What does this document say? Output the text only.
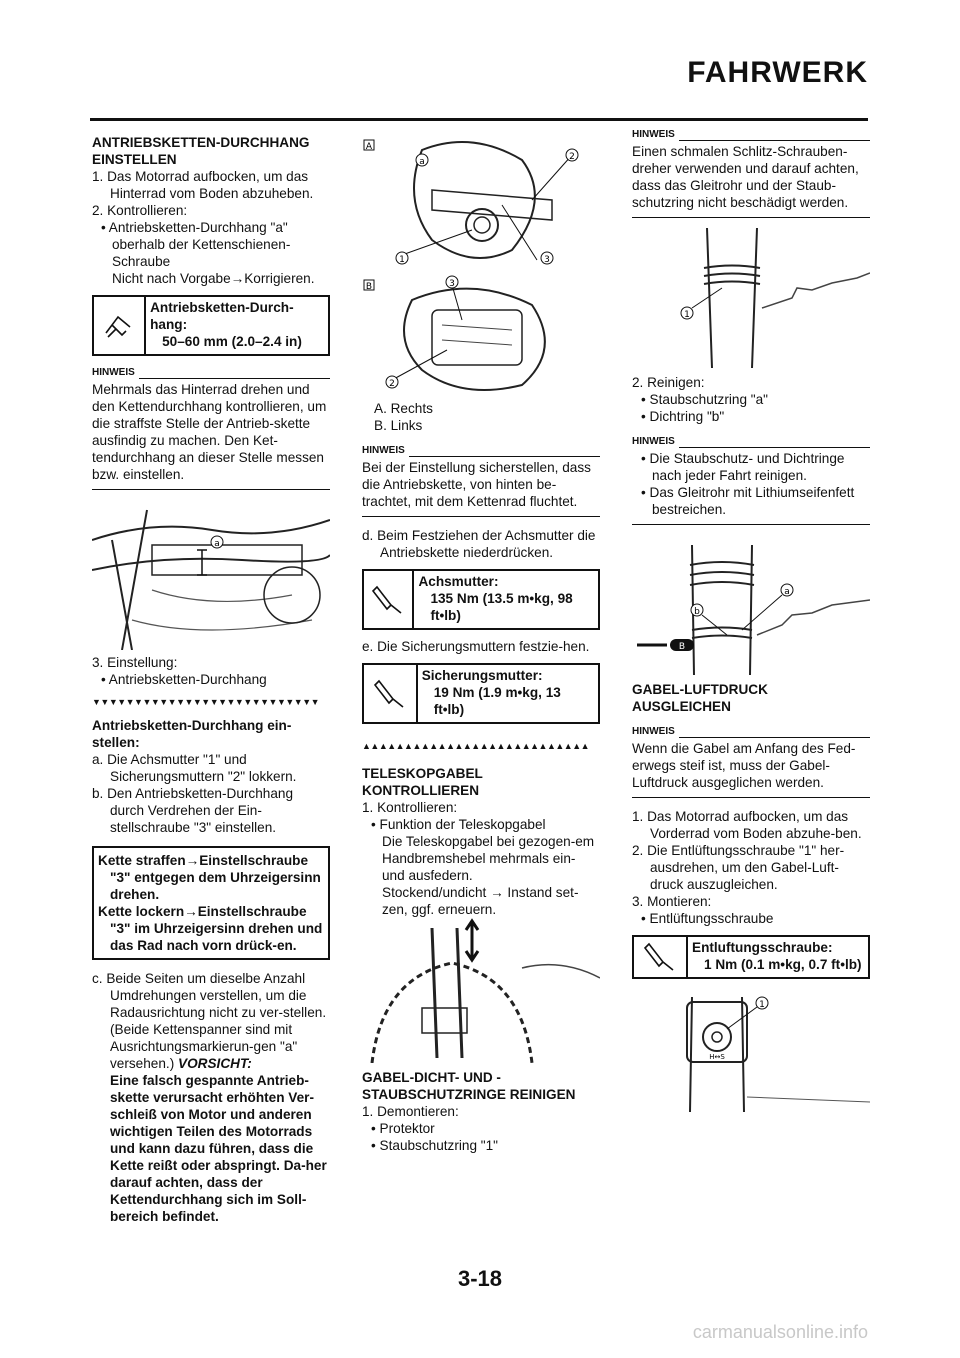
FAHRWERK

ANTRIEBSKETTEN-DURCHHANG EINSTELLEN

1. Das Motorrad aufbocken, um das Hinterrad vom Boden abzuheben.

2. Kontrollieren:

• Antriebsketten-Durchhang "a" oberhalb der Kettenschienen-Schraube

Nicht nach Vorgabe→Korrigieren.

Antriebsketten-Durch-hang:
50–60 mm (2.0–2.4 in)
HINWEIS

Mehrmals das Hinterrad drehen und den Kettendurchhang kontrollieren, um die straffste Stelle der Antrieb-skette ausfindig zu machen. Den Ket-tendurchhang an dieser Stelle messen bzw. einstellen.

a

3. Einstellung:

• Antriebsketten-Durchhang

▼▼▼▼▼▼▼▼▼▼▼▼▼▼▼▼▼▼▼▼▼▼▼▼▼▼▼

Antriebsketten-Durchhang ein-stellen:

a. Die Achsmutter "1" und Sicherungsmuttern "2" lokkern.

b. Den Antriebsketten-Durchhang durch Verdrehen der Ein-stellschraube "3" einstellen.

Kette straffen→Einstellschraube
"3" entgegen dem Uhrzeigersinn drehen.
Kette lockern→Einstellschraube
"3" im Uhrzeigersinn drehen und das Rad nach vorn drück-en.

c. Beide Seiten um dieselbe Anzahl Umdrehungen verstellen, um die Radausrichtung nicht zu ver-stellen. (Beide Kettenspanner sind mit Ausrichtungsmarkierun-gen "a" versehen.) VORSICHT:

Eine falsch gespannte Antrieb-skette verursacht erhöhten Ver-schleiß von Motor und anderen wichtigen Teilen des Motorrads und kann dazu führen, dass die Kette reißt oder abspringt. Da-her darauf achten, dass der Kettendurchhang sich im Soll-bereich befindet.

A
a	2
1	3
B	3
2

A. Rechts

B. Links

HINWEIS

Bei der Einstellung sicherstellen, dass die Antriebskette, von hinten be-trachtet, mit dem Kettenrad fluchtet.

d. Beim Festziehen der Achsmutter die Antriebskette niederdrücken.

Achsmutter:
135 Nm (13.5 m•kg, 98 ft•lb)

e. Die Sicherungsmuttern festzie-hen.

Sicherungsmutter:
19 Nm (1.9 m•kg, 13 ft•lb)
▲▲▲▲▲▲▲▲▲▲▲▲▲▲▲▲▲▲▲▲▲▲▲▲▲▲▲

TELESKOPGABEL KONTROLLIEREN

1. Kontrollieren:

• Funktion der Teleskopgabel

Die Teleskopgabel bei gezogen-em Handbremshebel mehrmals ein- und ausfedern.

Stockend/undicht → Instand set-zen, ggf. erneuern.

GABEL-DICHT- UND -STAUBSCHUTZRINGE REINIGEN

1. Demontieren:

• Protektor

• Staubschutzring "1"

HINWEIS

Einen schmalen Schlitz-Schrauben-dreher verwenden und darauf achten, dass das Gleitrohr und der Staub-schutzring nicht beschädigt werden.

1

2. Reinigen:

• Staubschutzring "a"

• Dichtring "b"

HINWEIS

• Die Staubschutz- und Dichtringe nach jeder Fahrt reinigen.

• Das Gleitrohr mit Lithiumseifenfett bestreichen.

a
b
B

GABEL-LUFTDRUCK AUSGLEICHEN

HINWEIS

Wenn die Gabel am Anfang des Fed-erwegs steif ist, muss der Gabel-Luftdruck ausgeglichen werden.

1. Das Motorrad aufbocken, um das Vorderrad vom Boden abzuhe-ben.

2. Die Entlüftungsschraube "1" her-ausdrehen, um den Gabel-Luft-druck auszugleichen.

3. Montieren:

• Entlüftungsschraube

Entluftungsschraube:
1 Nm (0.1 m•kg, 0.7 ft•lb)
H↔S
1
3-18
carmanualsonline.info
